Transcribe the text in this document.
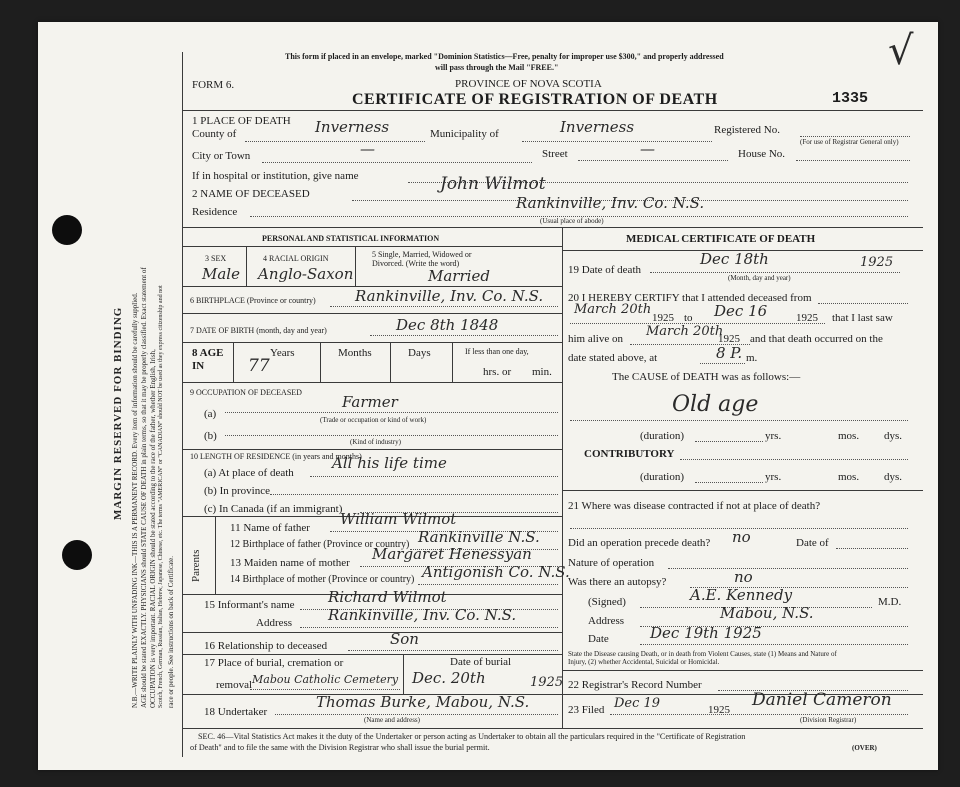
MARGIN RESERVED FOR BINDING N.B.—WRITE PLAINLY WITH UNFADING INK—THIS IS A PERMANENT RECORD. Every item of information should be carefully supplied. AGE should be stated EXACTLY. PHYSICIANS should STATE CAUSE OF DEATH in plain terms, so that it may be properly classified. Exact statement of OCCUPATION is very important. RACIAL ORIGIN should be stated according to the race of the father, whether English, Irish, Scotch, French, German, Russian, Italian, Hebrew, Japanese, Chinese, etc. The terms "AMERICAN" or "CANADIAN" should NOT be used as they express citizenship and not race or people. See instructions on back of Certificate.
This form if placed in an envelope, marked "Dominion Statistics—Free, penalty for improper use $300," and properly addressed
will pass through the Mail "FREE."
FORM 6.	PROVINCE OF NOVA SCOTIA
CERTIFICATE OF REGISTRATION OF DEATH	1335
√
1 PLACE OF DEATH
County of	Inverness	Municipality of	Inverness	Registered No.
(For use of Registrar General only)
City or Town	—	Street	—	House No.
If in hospital or institution, give name
2 NAME OF DECEASED	John Wilmot
Residence	Rankinville, Inv. Co. N.S.
(Usual place of abode)
PERSONAL AND STATISTICAL INFORMATION	MEDICAL CERTIFICATE OF DEATH
3 SEX
Male
4 RACIAL ORIGIN
Anglo-Saxon
5 Single, Married, Widowed or
Divorced. (Write the word)
Married
6 BIRTHPLACE (Province or country)	Rankinville, Inv. Co. N.S.
7 DATE OF BIRTH (month, day and year)	Dec 8th 1848
8 AGE IN
Years
77
Months	Days	If less than one day,
hrs. or min.
9 OCCUPATION OF DECEASED
(a)
Farmer
(Trade or occupation or kind of work)
(b)	(Kind of industry)
10 LENGTH OF RESIDENCE (in years and months)
(a) At place of death
All his life time
(b) In province
(c) In Canada (if an immigrant)
Parents
11 Name of father William Wilmot
12 Birthplace of father (Province or country) Rankinville N.S.
13 Maiden name of mother Margaret Henessyan
14 Birthplace of mother (Province or country) Antigonish Co. N.S.
15 Informant's name Richard Wilmot
Address Rankinville, Inv. Co. N.S.
16 Relationship to deceased	Son
17 Place of burial, cremation or
removal Mabou Catholic Cemetery
Date of burial
Dec. 20th	1925
18 Undertaker
Thomas Burke, Mabou, N.S.
(Name and address)
19 Date of death
Dec 18th	1925
(Month, day and year)
20 I HEREBY CERTIFY that I attended deceased from
March 20th
1925 to Dec 16	1925 that I last saw
him alive on March 20th
1925 and that death occurred on the
date stated above, at	8 P. m.
The CAUSE of DEATH was as follows:—
Old age
(duration)	yrs.	mos. dys.
CONTRIBUTORY
(duration)	yrs.	mos. dys.
21 Where was disease contracted if not at place of death?
Did an operation precede death? no	Date of
Nature of operation
Was there an autopsy?	no
(Signed)	A.E. Kennedy	M.D.
Address	Mabou, N.S.
Date	Dec 19th 1925
State the Disease causing Death, or in death from Violent Causes, state (1) Means and Nature of
Injury, (2) whether Accidental, Suicidal or Homicidal.
22 Registrar's Record Number
23 Filed Dec 19	1925 Daniel Cameron
(Division Registrar)
SEC. 46—Vital Statistics Act makes it the duty of the Undertaker or person acting as Undertaker to obtain all the particulars required in the "Certificate of Registration
of Death" and to file the same with the Division Registrar who shall issue the burial permit.	(OVER)
